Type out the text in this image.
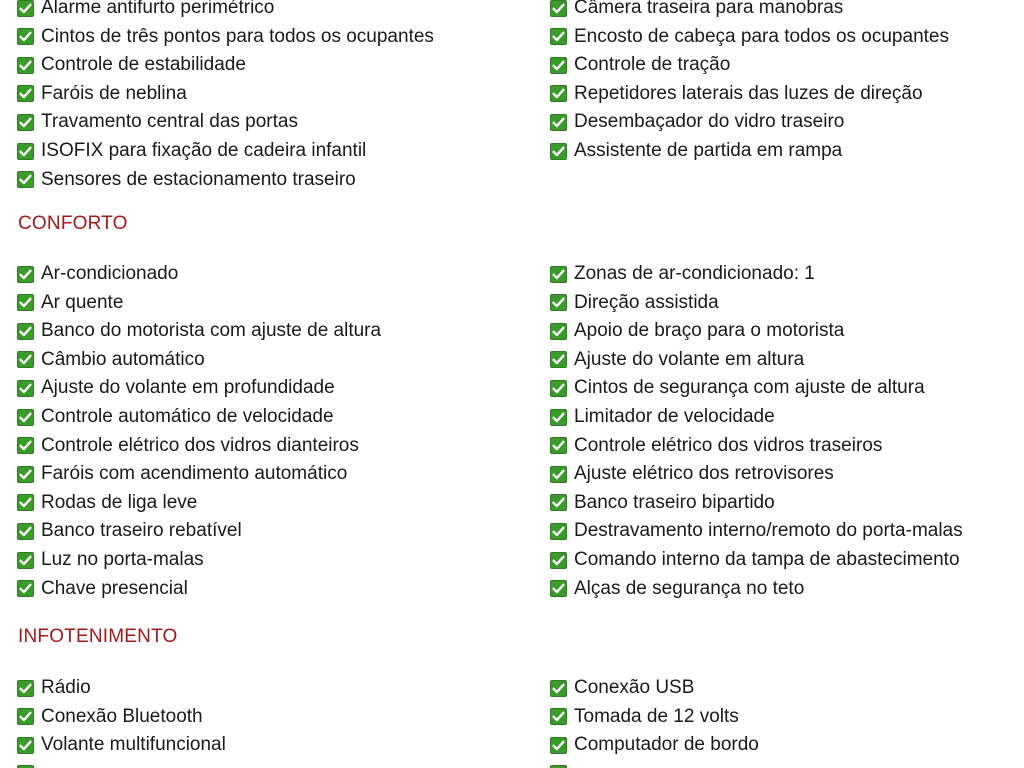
Alarme antifurto perimétrico
Cintos de três pontos para todos os ocupantes
Controle de estabilidade
Faróis de neblina
Travamento central das portas
ISOFIX para fixação de cadeira infantil
Sensores de estacionamento traseiro
Câmera traseira para manobras
Encosto de cabeça para todos os ocupantes
Controle de tração
Repetidores laterais das luzes de direção
Desembaçador do vidro traseiro
Assistente de partida em rampa
CONFORTO
Ar-condicionado
Ar quente
Banco do motorista com ajuste de altura
Câmbio automático
Ajuste do volante em profundidade
Controle automático de velocidade
Controle elétrico dos vidros dianteiros
Faróis com acendimento automático
Rodas de liga leve
Banco traseiro rebatível
Luz no porta-malas
Chave presencial
Zonas de ar-condicionado: 1
Direção assistida
Apoio de braço para o motorista
Ajuste do volante em altura
Cintos de segurança com ajuste de altura
Limitador de velocidade
Controle elétrico dos vidros traseiros
Ajuste elétrico dos retrovisores
Banco traseiro bipartido
Destravamento interno/remoto do porta-malas
Comando interno da tampa de abastecimento
Alças de segurança no teto
INFOTENIMENTO
Rádio
Conexão Bluetooth
Volante multifuncional
Conexão USB
Tomada de 12 volts
Computador de bordo
